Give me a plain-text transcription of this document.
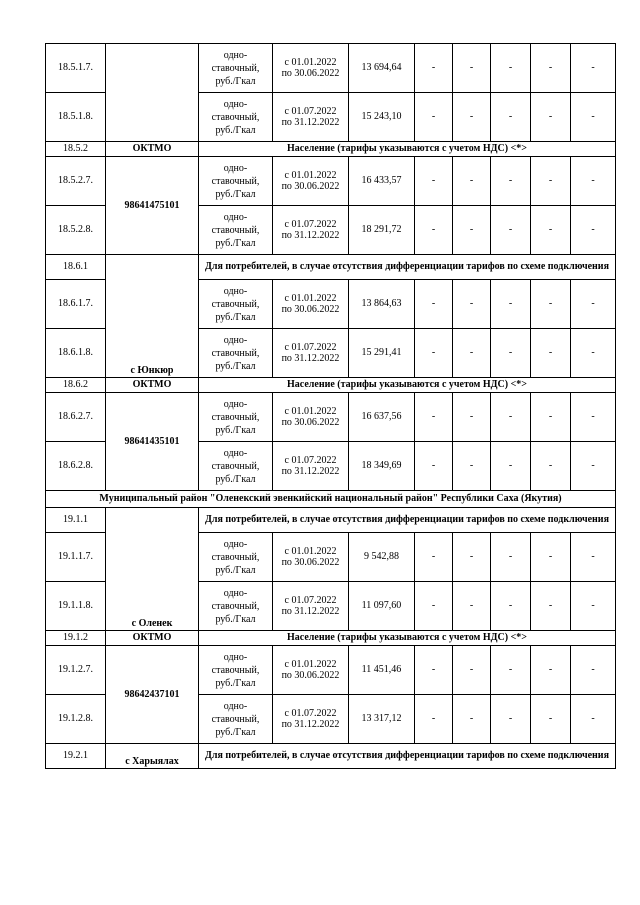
18.5.1.7.		одно-
ставочный,
руб./Гкал	с 01.01.2022
по 30.06.2022	13 694,64	-	-	-	-	-
18.5.1.8.		одно-
ставочный,
руб./Гкал	с 01.07.2022
по 31.12.2022	15 243,10	-	-	-	-	-
18.5.2	ОКТМО	Население (тарифы указываются с учетом НДС) <*>							
18.5.2.7.	98641475101	одно-
ставочный,
руб./Гкал	с 01.01.2022
по 30.06.2022	16 433,57	-	-	-	-	-
18.5.2.8.		одно-
ставочный,
руб./Гкал	с 01.07.2022
по 31.12.2022	18 291,72	-	-	-	-	-
18.6.1	с Юнкюр	Для потребителей, в случае отсутствия дифференциации тарифов по схеме подключения							
18.6.1.7.		одно-
ставочный,
руб./Гкал	с 01.01.2022
по 30.06.2022	13 864,63	-	-	-	-	-
18.6.1.8.		одно-
ставочный,
руб./Гкал	с 01.07.2022
по 31.12.2022	15 291,41	-	-	-	-	-
18.6.2	ОКТМО	Население (тарифы указываются с учетом НДС) <*>							
18.6.2.7.	98641435101	одно-
ставочный,
руб./Гкал	с 01.01.2022
по 30.06.2022	16 637,56	-	-	-	-	-
18.6.2.8.		одно-
ставочный,
руб./Гкал	с 01.07.2022
по 31.12.2022	18 349,69	-	-	-	-	-
Муниципальный район "Оленекский эвенкийский национальный район" Республики Саха (Якутия)									
19.1.1	с Оленек	Для потребителей, в случае отсутствия дифференциации тарифов по схеме подключения							
19.1.1.7.		одно-
ставочный,
руб./Гкал	с 01.01.2022
по 30.06.2022	9 542,88	-	-	-	-	-
19.1.1.8.		одно-
ставочный,
руб./Гкал	с 01.07.2022
по 31.12.2022	11 097,60	-	-	-	-	-
19.1.2	ОКТМО	Население (тарифы указываются с учетом НДС) <*>							
19.1.2.7.	98642437101	одно-
ставочный,
руб./Гкал	с 01.01.2022
по 30.06.2022	11 451,46	-	-	-	-	-
19.1.2.8.		одно-
ставочный,
руб./Гкал	с 01.07.2022
по 31.12.2022	13 317,12	-	-	-	-	-
19.2.1	с Харыялах	Для потребителей, в случае отсутствия дифференциации тарифов по схеме подключения							
